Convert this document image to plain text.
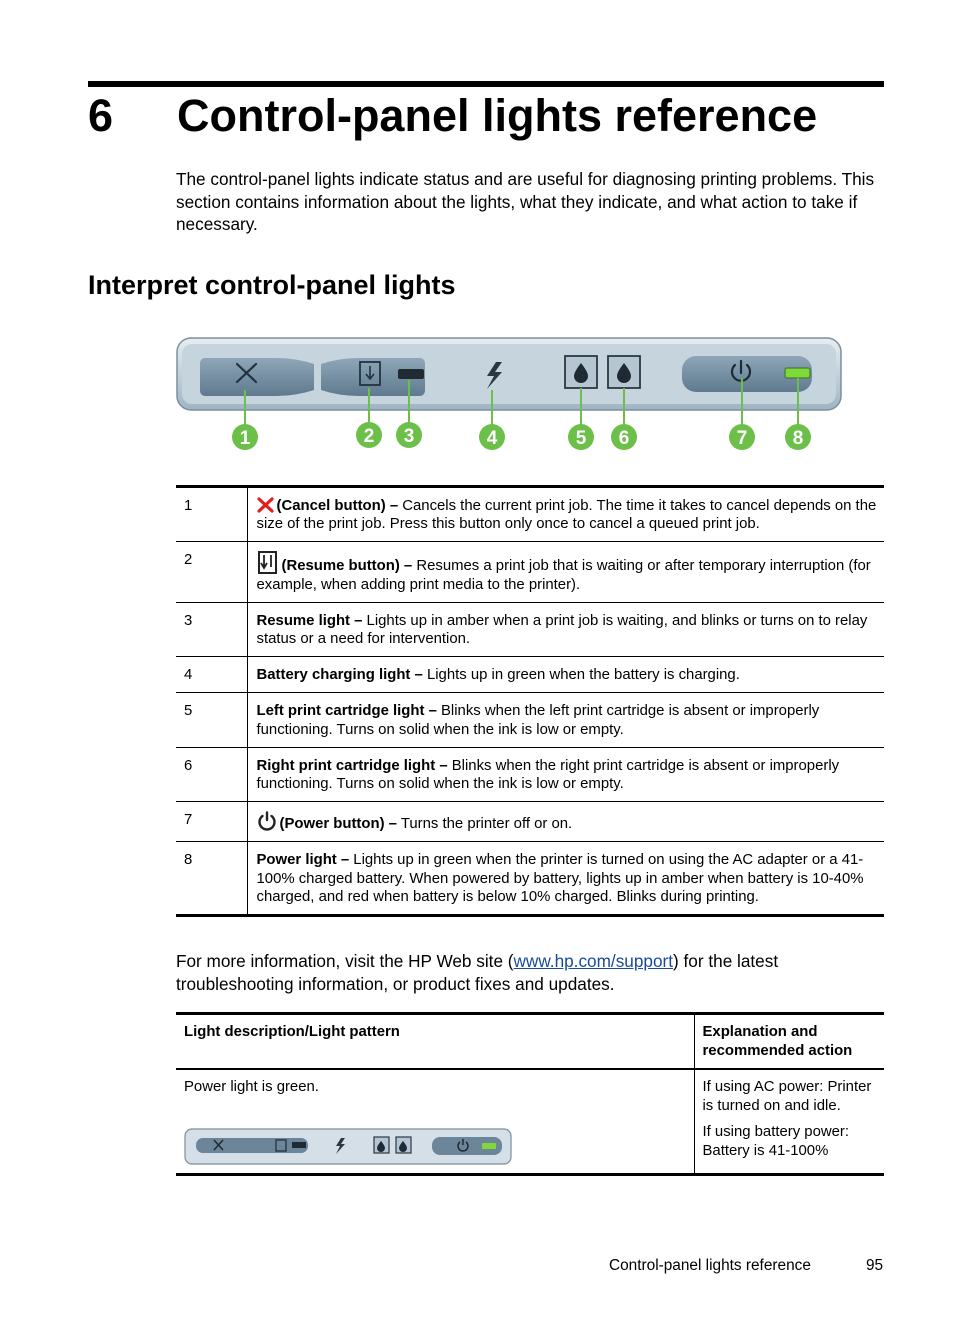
6 Control-panel lights reference

The control-panel lights indicate status and are useful for diagnosing printing problems. This section contains information about the lights, what they indicate, and what action to take if necessary.

Interpret control-panel lights
1	2 3	4	5 6	7 8
1	(Cancel button) – Cancels the current print job. The time it takes to cancel depends on the size of the print job. Press this button only once to cancel a queued print job.
2	(Resume button) – Resumes a print job that is waiting or after temporary interruption (for example, when adding print media to the printer).
3	Resume light – Lights up in amber when a print job is waiting, and blinks or turns on to relay status or a need for intervention.
4	Battery charging light – Lights up in green when the battery is charging.
5	Left print cartridge light – Blinks when the left print cartridge is absent or improperly functioning. Turns on solid when the ink is low or empty.
6	Right print cartridge light – Blinks when the right print cartridge is absent or improperly functioning. Turns on solid when the ink is low or empty.
7	(Power button) – Turns the printer off or on.
8	Power light – Lights up in green when the printer is turned on using the AC adapter or a 41-100% charged battery. When powered by battery, lights up in amber when battery is 10-40% charged, and red when battery is below 10% charged. Blinks during printing.

For more information, visit the HP Web site (www.hp.com/support) for the latest troubleshooting information, or product fixes and updates.

Light description/Light pattern	Explanation and recommended action
Power light is green.	If using AC power: Printer is turned on and idle.

If using battery power: Battery is 41-100%

Control-panel lights reference	95
